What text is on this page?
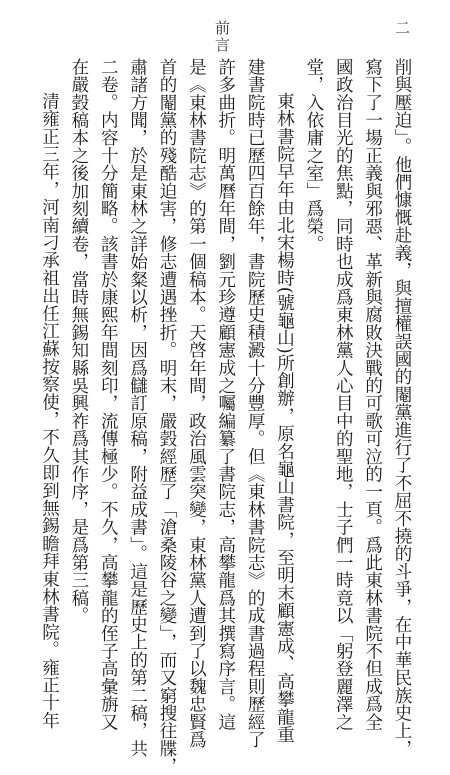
前言	二
削與壓迫」。他們慷慨赴義，與擅權誤國的閹黨進行了不屈不撓的斗爭，在中華民族史上，
寫下了一場正義與邪惡、革新與腐敗決戰的可歌可泣的一頁。爲此東林書院不但成爲全
國政治目光的焦點，同時也成爲東林黨人心目中的聖地，士子們一時竟以「躬登麗澤之
堂，入依庸之室」爲榮。
東林書院早年由北宋楊時(號龜山)所創辦，原名龜山書院，至明末顧憲成、高攀龍重
建書院時已歷四百餘年，書院歷史積澱十分豐厚。但《東林書院志》的成書過程則歷經了
許多曲折。明萬曆年間，劉元珍遵顧憲成之囑編纂了書院志，高攀龍爲其撰寫序言。這
是《東林書院志》的第一個稿本。天啓年間，政治風雲突變，東林黨人遭到了以魏忠賢爲
首的閹黨的殘酷迫害，修志遭遇挫折。明末，嚴瑴經歷了「滄桑陵谷之變」，而又窮搜往牒，
肅諸方聞，於是東林之詳始粲以析，因爲讎訂原稿，附益成書」。這是歷史上的第二稿，共
二卷。内容十分簡略。該書於康熙年間刻印，流傳極少。不久，高攀龍的侄子高彙旃又
在嚴瑴稿本之後加刻續卷，當時無錫知縣吳興祚爲其作序，是爲第三稿。
清雍正三年，河南刁承祖出任江蘇按察使，不久即到無錫瞻拜東林書院。雍正十年
